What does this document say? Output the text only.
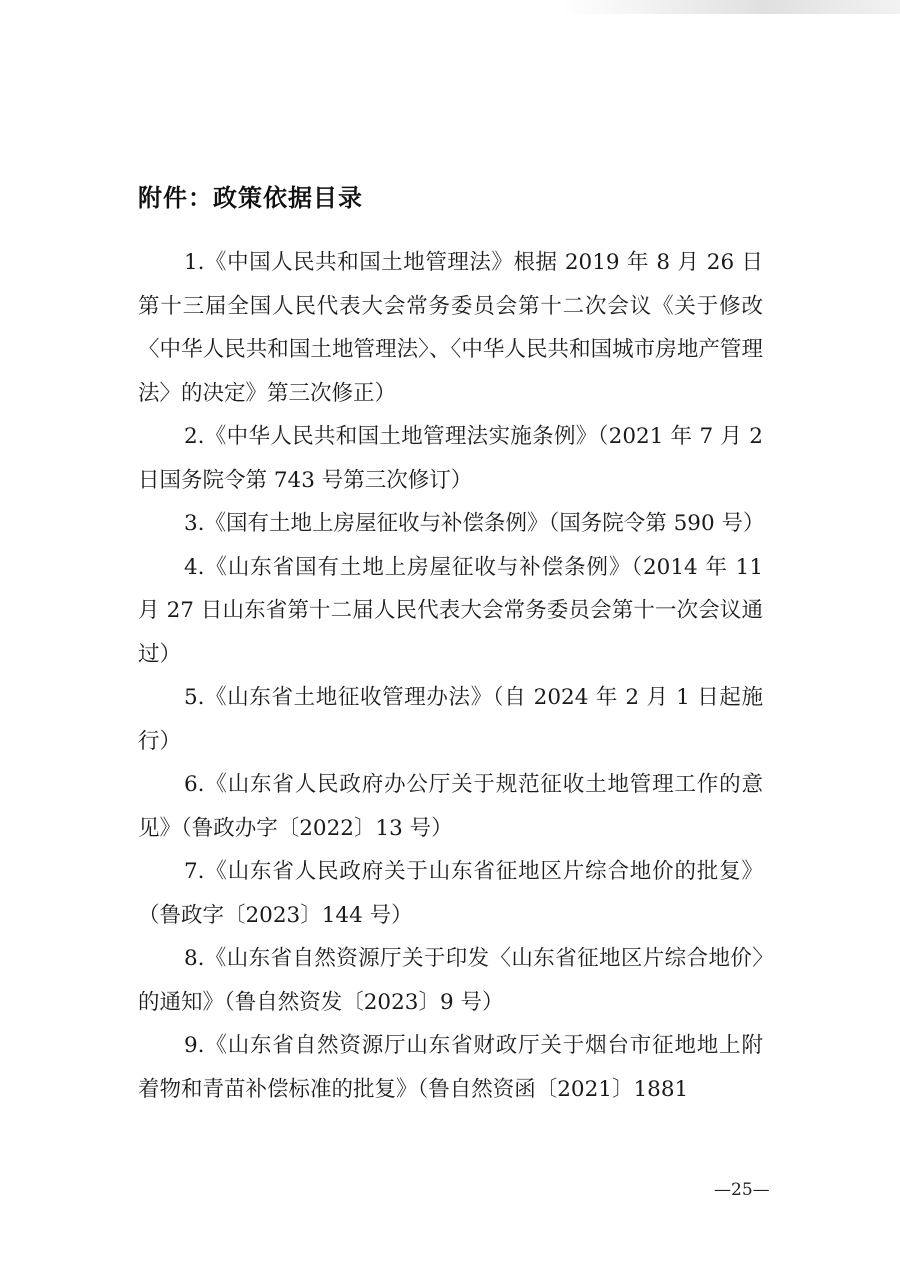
附件：政策依据目录

1.《中国人民共和国土地管理法》根据 2019 年 8 月 26 日第十三届全国人民代表大会常务委员会第十二次会议《关于修改〈中华人民共和国土地管理法〉、〈中华人民共和国城市房地产管理法〉的决定》第三次修正）

2.《中华人民共和国土地管理法实施条例》（2021 年 7 月 2 日国务院令第 743 号第三次修订）

3.《国有土地上房屋征收与补偿条例》（国务院令第 590 号）

4.《山东省国有土地上房屋征收与补偿条例》（2014 年 11 月 27 日山东省第十二届人民代表大会常务委员会第十一次会议通过）

5.《山东省土地征收管理办法》（自 2024 年 2 月 1 日起施行）

6.《山东省人民政府办公厅关于规范征收土地管理工作的意见》（鲁政办字〔2022〕13 号）

7.《山东省人民政府关于山东省征地区片综合地价的批复》（鲁政字〔2023〕144 号）

8.《山东省自然资源厅关于印发〈山东省征地区片综合地价〉的通知》（鲁自然资发〔2023〕9 号）

9.《山东省自然资源厅山东省财政厅关于烟台市征地地上附着物和青苗补偿标准的批复》（鲁自然资函〔2021〕1881

—25—
